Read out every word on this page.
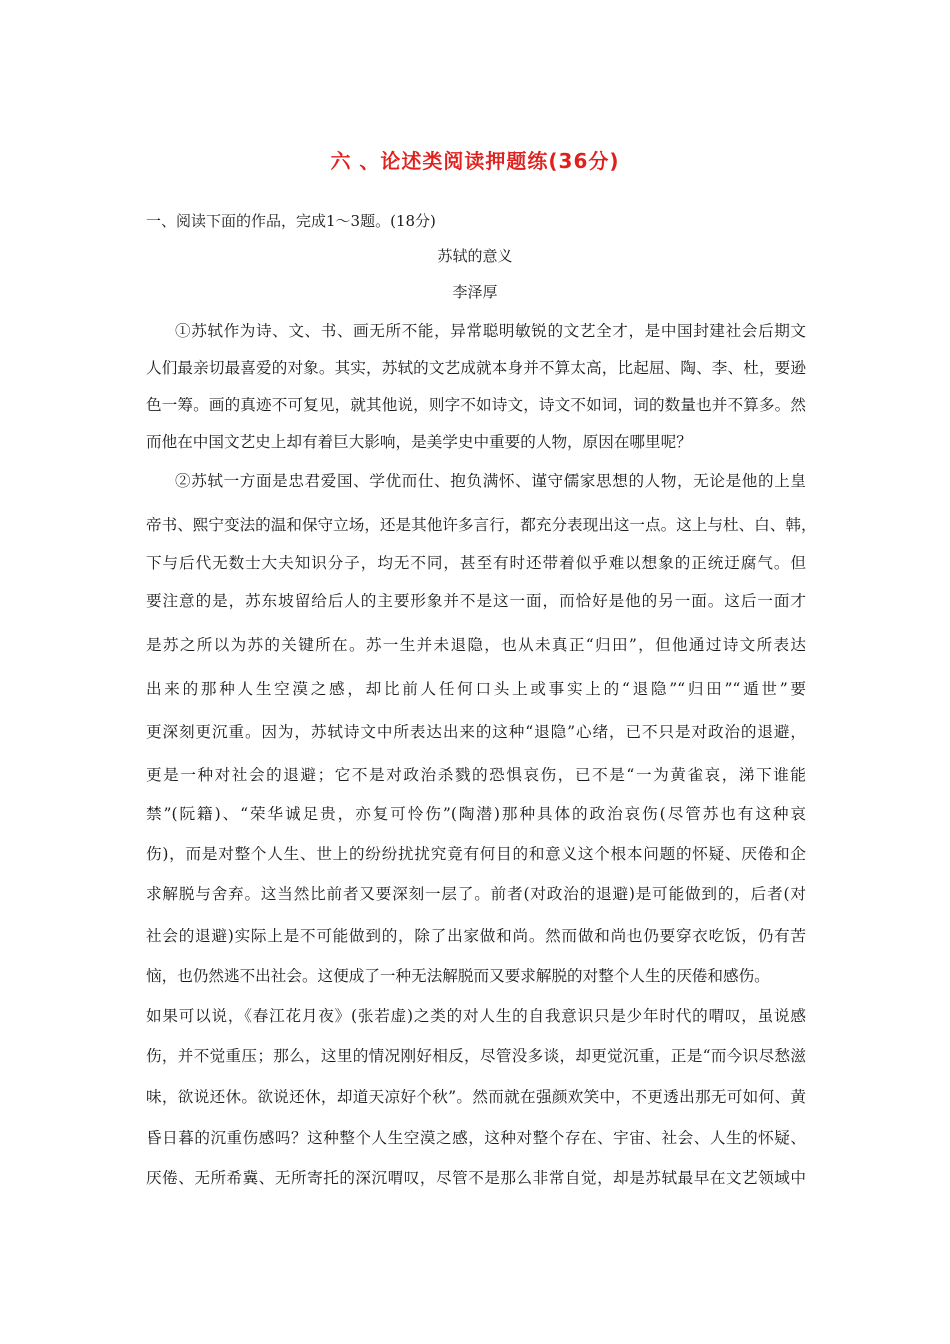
六 、论述类阅读押题练(36分)

一、阅读下面的作品，完成1～3题。(18分)

苏轼的意义

李泽厚

①苏轼作为诗、文、书、画无所不能，异常聪明敏锐的文艺全才，是中国封建社会后期文

人们最亲切最喜爱的对象。其实，苏轼的文艺成就本身并不算太高，比起屈、陶、李、杜，要逊

色一筹。画的真迹不可复见，就其他说，则字不如诗文，诗文不如词，词的数量也并不算多。然

而他在中国文艺史上却有着巨大影响，是美学史中重要的人物，原因在哪里呢？

②苏轼一方面是忠君爱国、学优而仕、抱负满怀、谨守儒家思想的人物，无论是他的上皇

帝书、熙宁变法的温和保守立场，还是其他许多言行，都充分表现出这一点。这上与杜、白、韩，

下与后代无数士大夫知识分子，均无不同，甚至有时还带着似乎难以想象的正统迂腐气。但

要注意的是，苏东坡留给后人的主要形象并不是这一面，而恰好是他的另一面。这后一面才

是苏之所以为苏的关键所在。苏一生并未退隐，也从未真正“归田”，但他通过诗文所表达

出来的那种人生空漠之感，却比前人任何口头上或事实上的“退隐”“归田”“遁世”要

更深刻更沉重。因为，苏轼诗文中所表达出来的这种“退隐”心绪，已不只是对政治的退避，

更是一种对社会的退避；它不是对政治杀戮的恐惧哀伤，已不是“一为黄雀哀，涕下谁能

禁”(阮籍)、“荣华诚足贵，亦复可怜伤”(陶潜)那种具体的政治哀伤(尽管苏也有这种哀

伤)，而是对整个人生、世上的纷纷扰扰究竟有何目的和意义这个根本问题的怀疑、厌倦和企

求解脱与舍弃。这当然比前者又要深刻一层了。前者(对政治的退避)是可能做到的，后者(对

社会的退避)实际上是不可能做到的，除了出家做和尚。然而做和尚也仍要穿衣吃饭，仍有苦

恼，也仍然逃不出社会。这便成了一种无法解脱而又要求解脱的对整个人生的厌倦和感伤。

如果可以说，《春江花月夜》(张若虚)之类的对人生的自我意识只是少年时代的喟叹，虽说感

伤，并不觉重压；那么，这里的情况刚好相反，尽管没多谈，却更觉沉重，正是“而今识尽愁滋

味，欲说还休。欲说还休，却道天凉好个秋”。然而就在强颜欢笑中，不更透出那无可如何、黄

昏日暮的沉重伤感吗？这种整个人生空漠之感，这种对整个存在、宇宙、社会、人生的怀疑、

厌倦、无所希冀、无所寄托的深沉喟叹，尽管不是那么非常自觉，却是苏轼最早在文艺领域中
